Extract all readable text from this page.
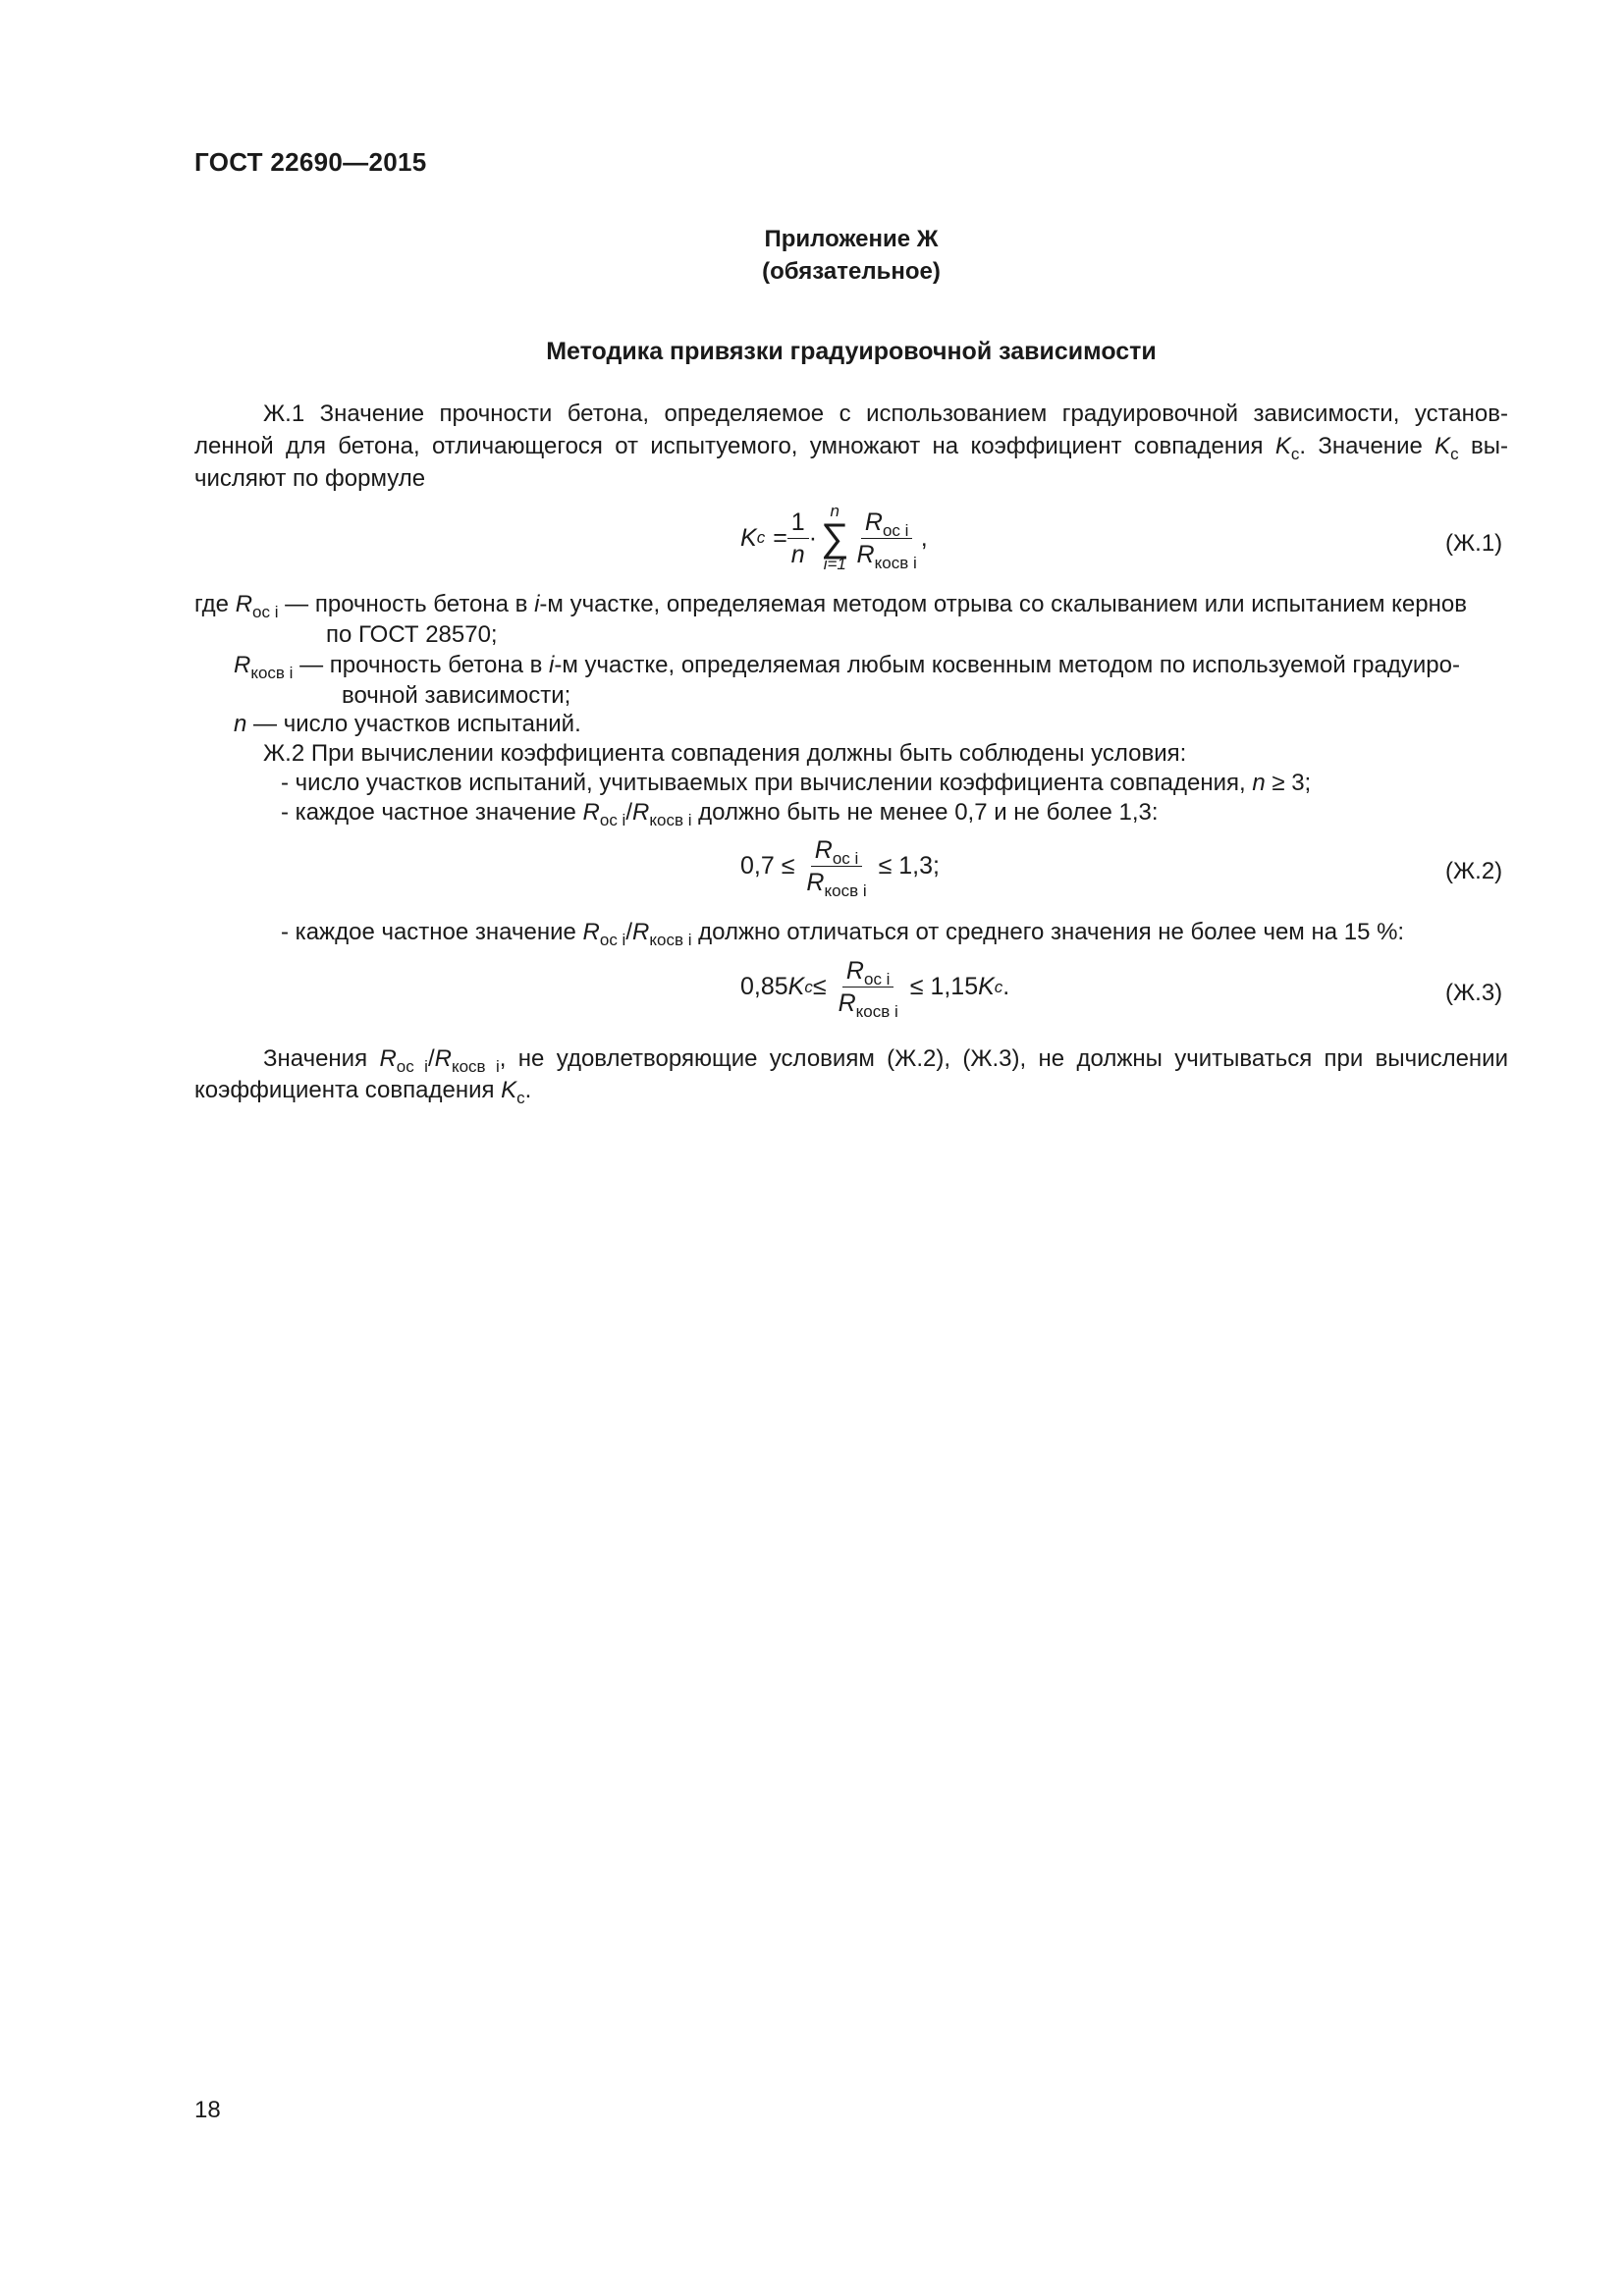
ГОСТ 22690—2015
Приложение Ж
(обязательное)
Методика привязки градуировочной зависимости
Ж.1 Значение прочности бетона, определяемое с использованием градуировочной зависимости, установ-
ленной для бетона, отличающегося от испытуемого, умножают на коэффициент совпадения $K_c$. Значение $K_c$ вы-
числяют по формуле
K $c = \frac{1}{n}$ ·
n
∑
$i=1 \frac{R_{ос i}}{R_{косв i}}$ ,	(Ж.1)
где $R_{ос i}$ — прочность бетона в i-м участке, определяемая методом отрыва со скалыванием или испытанием кернов
по ГОСТ 28570;
$R_{косв i}$ — прочность бетона в i-м участке, определяемая любым косвенным методом по используемой градуиро-
вочной зависимости;
n — число участков испытаний.
Ж.2 При вычислении коэффициента совпадения должны быть соблюдены условия:
- число участков испытаний, учитываемых при вычислении коэффициента совпадения, n ≥ 3;
- каждое частное значение $R_{ос i}/R_{косв i}$ должно быть не менее 0,7 и не более 1,3:
$0,7 \le \frac{R_{ос i}}{R_{косв i}} \le 1,3$;	(Ж.2)
- каждое частное значение $R_{ос i}/R_{косв i}$ должно отличаться от среднего значения не более чем на 15 %:
0,85 K $c \le \frac{R_{ос i}}{R_{косв i}} \le 1,15$ K c .	(Ж.3)
Значения $R_{ос i}/R_{косв i}$, не удовлетворяющие условиям (Ж.2), (Ж.3), не должны учитываться при вычислении
коэффициента совпадения $K_c$.
18
